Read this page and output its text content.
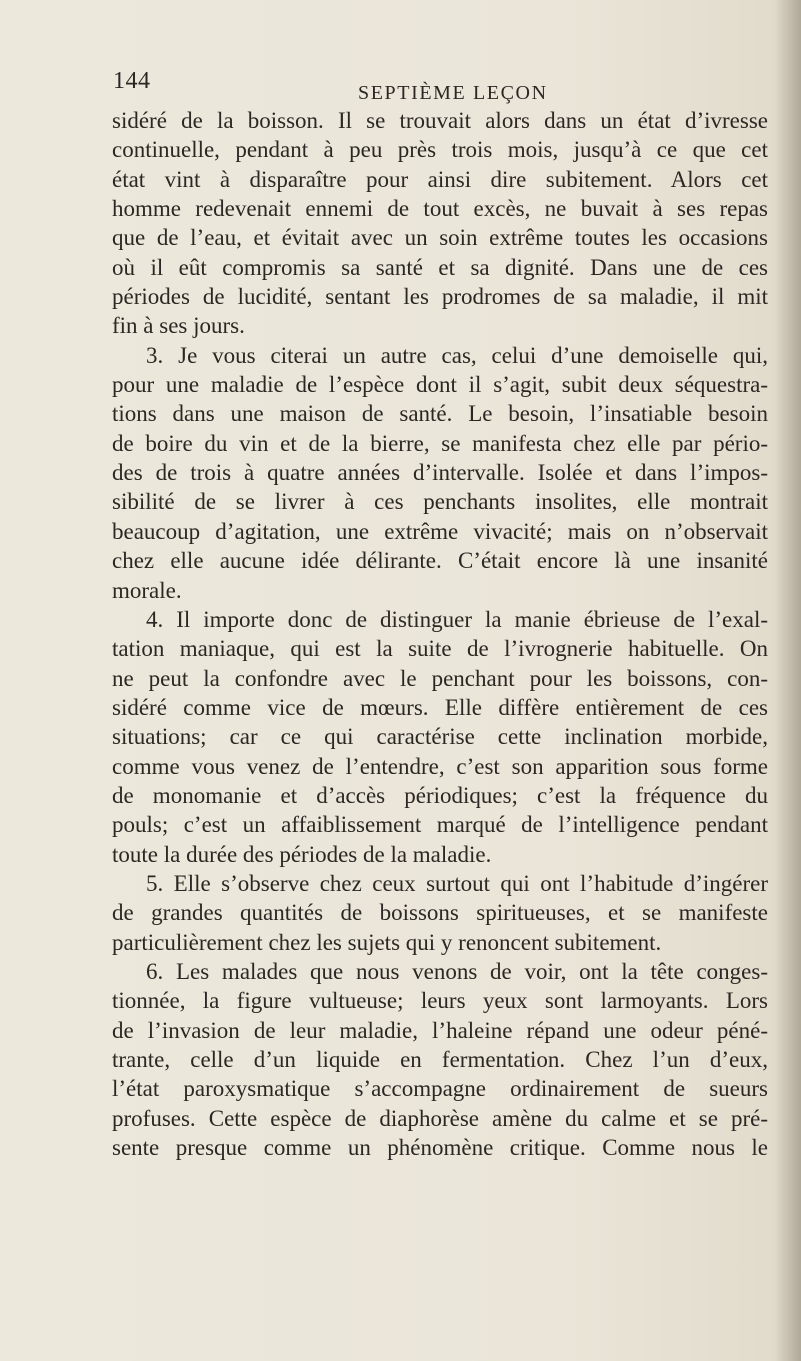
144	SEPTIÈME LEÇON
sidéré de la boisson. Il se trouvait alors dans un état d’ivresse
continuelle, pendant à peu près trois mois, jusqu’à ce que cet
état vint à disparaître pour ainsi dire subitement. Alors cet
homme redevenait ennemi de tout excès, ne buvait à ses repas
que de l’eau, et évitait avec un soin extrême toutes les occasions
où il eût compromis sa santé et sa dignité. Dans une de ces
périodes de lucidité, sentant les prodromes de sa maladie, il mit
fin à ses jours.
3. Je vous citerai un autre cas, celui d’une demoiselle qui,
pour une maladie de l’espèce dont il s’agit, subit deux séquestra-
tions dans une maison de santé. Le besoin, l’insatiable besoin
de boire du vin et de la bierre, se manifesta chez elle par pério-
des de trois à quatre années d’intervalle. Isolée et dans l’impos-
sibilité de se livrer à ces penchants insolites, elle montrait
beaucoup d’agitation, une extrême vivacité; mais on n’observait
chez elle aucune idée délirante. C’était encore là une insanité
morale.
4. Il importe donc de distinguer la manie ébrieuse de l’exal-
tation maniaque, qui est la suite de l’ivrognerie habituelle. On
ne peut la confondre avec le penchant pour les boissons, con-
sidéré comme vice de mœurs. Elle diffère entièrement de ces
situations; car ce qui caractérise cette inclination morbide,
comme vous venez de l’entendre, c’est son apparition sous forme
de monomanie et d’accès périodiques; c’est la fréquence du
pouls; c’est un affaiblissement marqué de l’intelligence pendant
toute la durée des périodes de la maladie.
5. Elle s’observe chez ceux surtout qui ont l’habitude d’ingérer
de grandes quantités de boissons spiritueuses, et se manifeste
particulièrement chez les sujets qui y renoncent subitement.
6. Les malades que nous venons de voir, ont la tête conges-
tionnée, la figure vultueuse; leurs yeux sont larmoyants. Lors
de l’invasion de leur maladie, l’haleine répand une odeur péné-
trante, celle d’un liquide en fermentation. Chez l’un d’eux,
l’état paroxysmatique s’accompagne ordinairement de sueurs
profuses. Cette espèce de diaphorèse amène du calme et se pré-
sente presque comme un phénomène critique. Comme nous le
